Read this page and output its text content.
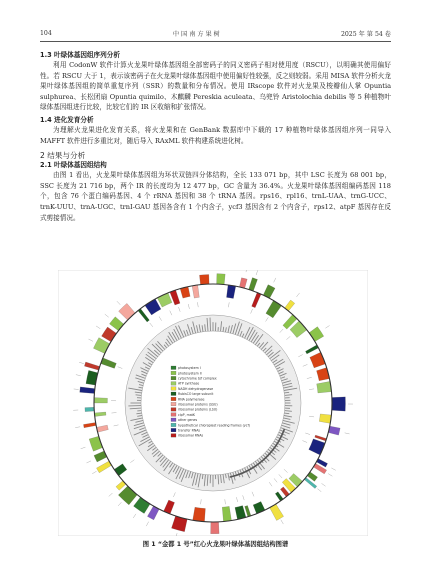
104	中 国 南 方 果 树	2025 年 第 54 卷

1.3 叶绿体基因组序列分析

利用 CodonW 软件计算火龙果叶绿体基因组全部密码子的同义密码子相对使用度（RSCU），以明确其使用偏好性。若 RSCU 大于 1，表示该密码子在火龙果叶绿体基因组中使用偏好性较强，反之则较弱。采用 MISA 软件分析火龙果叶绿体基因组的简单重复序列（SSR）的数量和分布情况。使用 IRscope 软件对火龙果及梭瓣仙人掌 Opuntia sulphurea、长松团扇 Opuntia quimilo、木麒麟 Pereskia aculeata、乌兜铃 Aristolochia debilis 等 5 种植物叶绿体基因组进行比较，比较它们的 IR 区收缩和扩张情况。

1.4 进化发育分析

为理解火龙果进化发育关系，将火龙果和在 GenBank 数据库中下载的 17 种植物叶绿体基因组序列一同导入 MAFFT 软件进行多重比对，随后导入 RAxML 软件构建系统进化树。

2 结果与分析

2.1 叶绿体基因组结构

由图 1 看出，火龙果叶绿体基因组为环状双链四分体结构，全长 133 071 bp，其中 LSC 长度为 68 001 bp，SSC 长度为 21 716 bp，两个 IR 的长度均为 12 477 bp，GC 含量为 36.4%。火龙果叶绿体基因组编码基因 118 个，包含 76 个蛋白编码基因、4 个 rRNA 基因和 38 个 tRNA 基因。rps16、rpl16、trnL-UAA、trnG-UCC、trnK-UUU、trnA-UGC、trnI-GAU 基因各含有 1 个内含子，ycf3 基因含有 2 个内含子，rps12、atpF 基因存在反式剪接情况。

photosystem I
photosystem II
cytochrome b/f complex
ATP synthase
NADH dehydrogenase
RubisCO large subunit
RNA polymerase
ribosomal proteins (SSU)
ribosomal proteins (LSU)
clpP, matK
other genes
hypothetical chloroplast reading frames (ycf)
transfer RNAs
ribosomal RNAs
图 1 “金都 1 号”红心火龙果叶绿体基因组结构图谱
